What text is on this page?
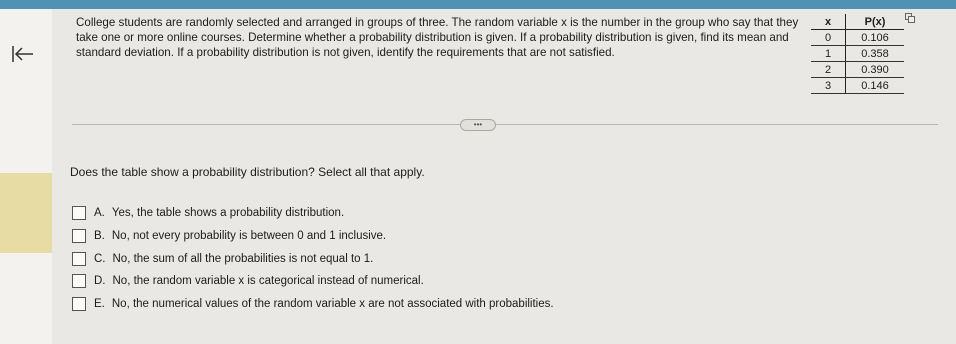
College students are randomly selected and arranged in groups of three. The random variable x is the number in the group who say that they take one or more online courses. Determine whether a probability distribution is given. If a probability distribution is given, find its mean and standard deviation. If a probability distribution is not given, identify the requirements that are not satisfied.
x	P(x)
0	0.106
1	0.358
2	0.390
3	0.146
•••
Does the table show a probability distribution? Select all that apply.
A. Yes, the table shows a probability distribution.
B. No, not every probability is between 0 and 1 inclusive.
C. No, the sum of all the probabilities is not equal to 1.
D. No, the random variable x is categorical instead of numerical.
E. No, the numerical values of the random variable x are not associated with probabilities.
